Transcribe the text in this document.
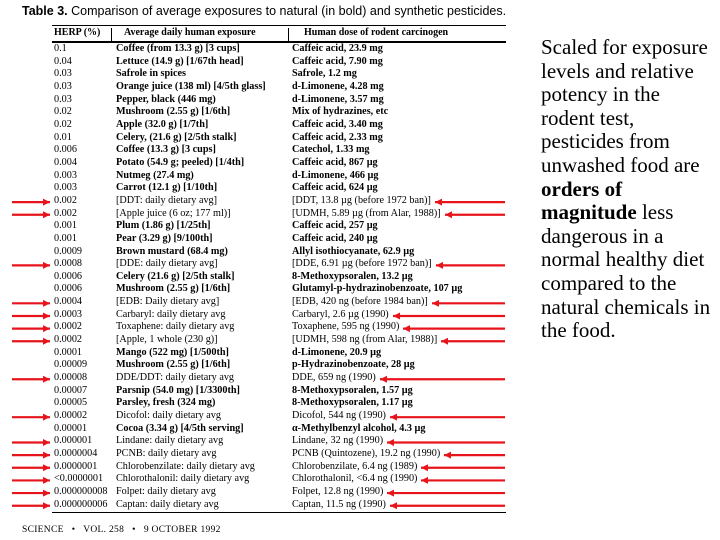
Table 3. Comparison of average exposures to natural (in bold) and synthetic pesticides.
HERP (%) Average daily human exposure	Human dose of rodent carcinogen
0.1	Coffee (from 13.3 g) [3 cups]	Caffeic acid, 23.9 mg
0.04	Lettuce (14.9 g) [1/67th head]	Caffeic acid, 7.90 mg
0.03	Safrole in spices	Safrole, 1.2 mg
0.03	Orange juice (138 ml) [4/5th glass]	d-Limonene, 4.28 mg
0.03	Pepper, black (446 mg)	d-Limonene, 3.57 mg
0.02	Mushroom (2.55 g) [1/6th]	Mix of hydrazines, etc
0.02	Apple (32.0 g) [1/7th]	Caffeic acid, 3.40 mg
0.01	Celery, (21.6 g) [2/5th stalk]	Caffeic acid, 2.33 mg
0.006	Coffee (13.3 g) [3 cups]	Catechol, 1.33 mg
0.004	Potato (54.9 g; peeled) [1/4th]	Caffeic acid, 867 µg
0.003	Nutmeg (27.4 mg)	d-Limonene, 466 µg
0.003	Carrot (12.1 g) [1/10th]	Caffeic acid, 624 µg
0.002	[DDT: daily dietary avg]	[DDT, 13.8 µg (before 1972 ban)]
0.002	[Apple juice (6 oz; 177 ml)]	[UDMH, 5.89 µg (from Alar, 1988)]
0.001	Plum (1.86 g) [1/25th]	Caffeic acid, 257 µg
0.001	Pear (3.29 g) [9/100th]	Caffeic acid, 240 µg
0.0009	Brown mustard (68.4 mg)	Allyl isothiocyanate, 62.9 µg
0.0008	[DDE: daily dietary avg]	[DDE, 6.91 µg (before 1972 ban)]
0.0006	Celery (21.6 g) [2/5th stalk]	8-Methoxypsoralen, 13.2 µg
0.0006	Mushroom (2.55 g) [1/6th]	Glutamyl-p-hydrazinobenzoate, 107 µg
0.0004	[EDB: Daily dietary avg]	[EDB, 420 ng (before 1984 ban)]
0.0003	Carbaryl: daily dietary avg	Carbaryl, 2.6 µg (1990)
0.0002	Toxaphene: daily dietary avg	Toxaphene, 595 ng (1990)
0.0002	[Apple, 1 whole (230 g)]	[UDMH, 598 ng (from Alar, 1988)]
0.0001	Mango (522 mg) [1/500th]	d-Limonene, 20.9 µg
0.00009	Mushroom (2.55 g) [1/6th]	p-Hydrazinobenzoate, 28 µg
0.00008	DDE/DDT: daily dietary avg	DDE, 659 ng (1990)
0.00007	Parsnip (54.0 mg) [1/3300th]	8-Methoxypsoralen, 1.57 µg
0.00005	Parsley, fresh (324 mg)	8-Methoxypsoralen, 1.17 µg
0.00002	Dicofol: daily dietary avg	Dicofol, 544 ng (1990)
0.00001	Cocoa (3.34 g) [4/5th serving]	α-Methylbenzyl alcohol, 4.3 µg
0.000001	Lindane: daily dietary avg	Lindane, 32 ng (1990)
0.0000004	PCNB: daily dietary avg	PCNB (Quintozene), 19.2 ng (1990)
0.0000001	Chlorobenzilate: daily dietary avg	Chlorobenzilate, 6.4 ng (1989)
<0.0000001	Chlorothalonil: daily dietary avg	Chlorothalonil, <6.4 ng (1990)
0.000000008	Folpet: daily dietary avg	Folpet, 12.8 ng (1990)
0.000000006	Captan: daily dietary avg	Captan, 11.5 ng (1990)
SCIENCE   •   VOL. 258   •   9 OCTOBER 1992
Scaled for exposure levels and relative potency in the rodent test, pesticides from unwashed food are orders of magnitude less dangerous in a normal healthy diet compared to the natural chemicals in the food.
